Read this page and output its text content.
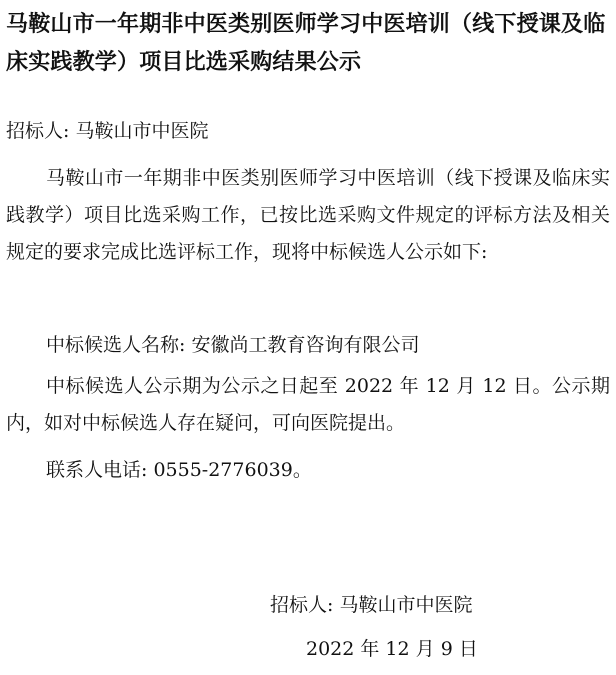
马鞍山市一年期非中医类别医师学习中医培训（线下授课及临床实践教学）项目比选采购结果公示

招标人: 马鞍山市中医院

马鞍山市一年期非中医类别医师学习中医培训（线下授课及临床实践教学）项目比选采购工作，已按比选采购文件规定的评标方法及相关规定的要求完成比选评标工作，现将中标候选人公示如下:

中标候选人名称: 安徽尚工教育咨询有限公司

中标候选人公示期为公示之日起至 2022 年 12 月 12 日。公示期内，如对中标候选人存在疑问，可向医院提出。

联系人电话: 0555-2776039。

招标人: 马鞍山市中医院

2022 年 12 月 9 日
